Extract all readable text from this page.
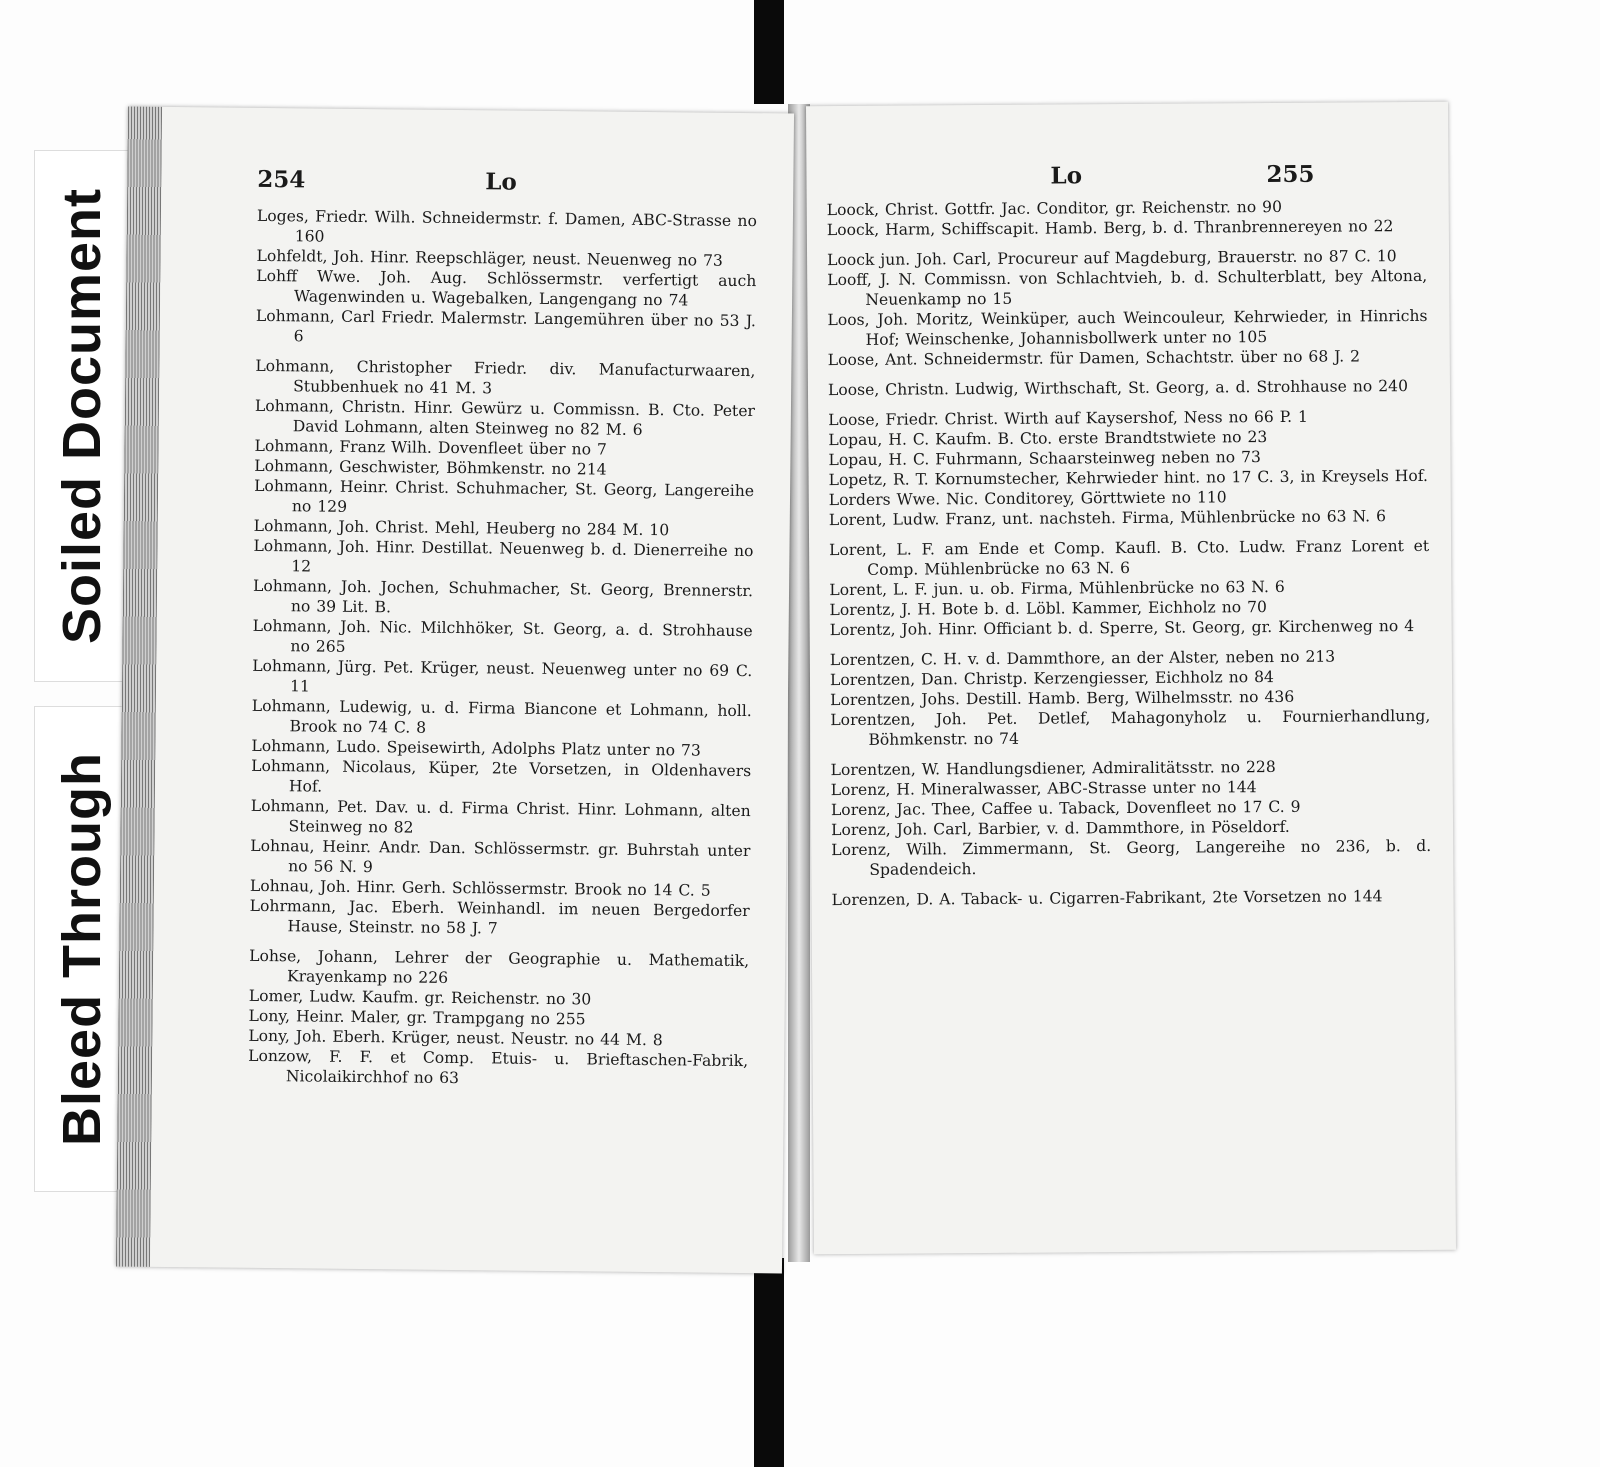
Soiled Document
Bleed Through
254	Lo
Loges, Friedr. Wilh. Schneidermstr. f. Damen, ABC-Strasse no 160
Lohfeldt, Joh. Hinr. Reepschläger, neust. Neuenweg no 73
Lohff Wwe. Joh. Aug. Schlössermstr. verfertigt auch Wagenwinden u. Wagebalken, Langengang no 74
Lohmann, Carl Friedr. Malermstr. Langemühren über no 53 J. 6
Lohmann, Christopher Friedr. div. Manufacturwaaren, Stubbenhuek no 41 M. 3
Lohmann, Christn. Hinr. Gewürz u. Commissn. B. Cto. Peter David Lohmann, alten Steinweg no 82 M. 6
Lohmann, Franz Wilh. Dovenfleet über no 7
Lohmann, Geschwister, Böhmkenstr. no 214
Lohmann, Heinr. Christ. Schuhmacher, St. Georg, Langereihe no 129
Lohmann, Joh. Christ. Mehl, Heuberg no 284 M. 10
Lohmann, Joh. Hinr. Destillat. Neuenweg b. d. Dienerreihe no 12
Lohmann, Joh. Jochen, Schuhmacher, St. Georg, Brennerstr. no 39 Lit. B.
Lohmann, Joh. Nic. Milchhöker, St. Georg, a. d. Strohhause no 265
Lohmann, Jürg. Pet. Krüger, neust. Neuenweg unter no 69 C. 11
Lohmann, Ludewig, u. d. Firma Biancone et Lohmann, holl. Brook no 74 C. 8
Lohmann, Ludo. Speisewirth, Adolphs Platz unter no 73
Lohmann, Nicolaus, Küper, 2te Vorsetzen, in Oldenhavers Hof.
Lohmann, Pet. Dav. u. d. Firma Christ. Hinr. Lohmann, alten Steinweg no 82
Lohnau, Heinr. Andr. Dan. Schlössermstr. gr. Buhrstah unter no 56 N. 9
Lohnau, Joh. Hinr. Gerh. Schlössermstr. Brook no 14 C. 5
Lohrmann, Jac. Eberh. Weinhandl. im neuen Bergedorfer Hause, Steinstr. no 58 J. 7
Lohse, Johann, Lehrer der Geographie u. Mathematik, Krayenkamp no 226
Lomer, Ludw. Kaufm. gr. Reichenstr. no 30
Lony, Heinr. Maler, gr. Trampgang no 255
Lony, Joh. Eberh. Krüger, neust. Neustr. no 44 M. 8
Lonzow, F. F. et Comp. Etuis- u. Brieftaschen-Fabrik, Nicolaikirchhof no 63
Lo	255
Loock, Christ. Gottfr. Jac. Conditor, gr. Reichenstr. no 90
Loock, Harm, Schiffscapit. Hamb. Berg, b. d. Thranbrennereyen no 22
Loock jun. Joh. Carl, Procureur auf Magdeburg, Brauerstr. no 87 C. 10
Looff, J. N. Commissn. von Schlachtvieh, b. d. Schulterblatt, bey Altona, Neuenkamp no 15
Loos, Joh. Moritz, Weinküper, auch Weincouleur, Kehrwieder, in Hinrichs Hof; Weinschenke, Johannisbollwerk unter no 105
Loose, Ant. Schneidermstr. für Damen, Schachtstr. über no 68 J. 2
Loose, Christn. Ludwig, Wirthschaft, St. Georg, a. d. Strohhause no 240
Loose, Friedr. Christ. Wirth auf Kaysershof, Ness no 66 P. 1
Lopau, H. C. Kaufm. B. Cto. erste Brandtstwiete no 23
Lopau, H. C. Fuhrmann, Schaarsteinweg neben no 73
Lopetz, R. T. Kornumstecher, Kehrwieder hint. no 17 C. 3, in Kreysels Hof.
Lorders Wwe. Nic. Conditorey, Görttwiete no 110
Lorent, Ludw. Franz, unt. nachsteh. Firma, Mühlenbrücke no 63 N. 6
Lorent, L. F. am Ende et Comp. Kaufl. B. Cto. Ludw. Franz Lorent et Comp. Mühlenbrücke no 63 N. 6
Lorent, L. F. jun. u. ob. Firma, Mühlenbrücke no 63 N. 6
Lorentz, J. H. Bote b. d. Löbl. Kammer, Eichholz no 70
Lorentz, Joh. Hinr. Officiant b. d. Sperre, St. Georg, gr. Kirchenweg no 4
Lorentzen, C. H. v. d. Dammthore, an der Alster, neben no 213
Lorentzen, Dan. Christp. Kerzengiesser, Eichholz no 84
Lorentzen, Johs. Destill. Hamb. Berg, Wilhelmsstr. no 436
Lorentzen, Joh. Pet. Detlef, Mahagonyholz u. Fournierhandlung, Böhmkenstr. no 74
Lorentzen, W. Handlungsdiener, Admiralitätsstr. no 228
Lorenz, H. Mineralwasser, ABC-Strasse unter no 144
Lorenz, Jac. Thee, Caffee u. Taback, Dovenfleet no 17 C. 9
Lorenz, Joh. Carl, Barbier, v. d. Dammthore, in Pöseldorf.
Lorenz, Wilh. Zimmermann, St. Georg, Langereihe no 236, b. d. Spadendeich.
Lorenzen, D. A. Taback- u. Cigarren-Fabrikant, 2te Vorsetzen no 144
